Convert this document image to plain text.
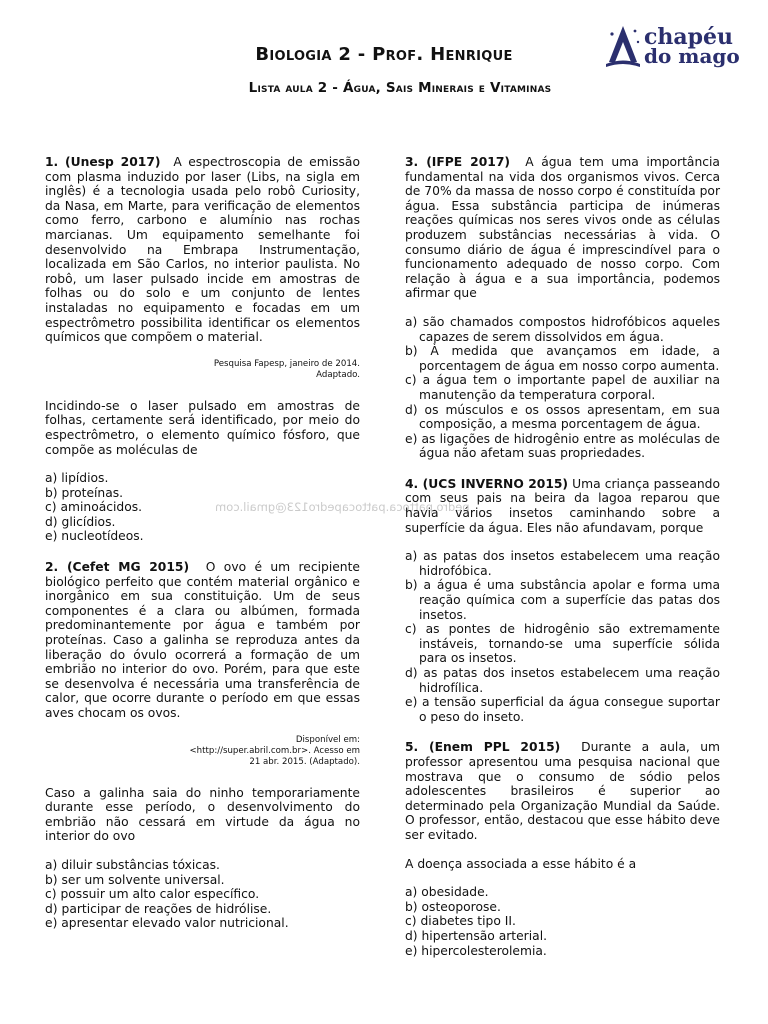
Biologia 2 - Prof. Henrique
Lista aula 2 - Água, Sais Minerais e Vitaminas
chapéu
do mago
pedro.pattoca.pattocapedro123@gmail.com

1. (Unesp 2017) A espectroscopia de emissão com plasma induzido por laser (Libs, na sigla em inglês) é a tecnologia usada pelo robô Curiosity, da Nasa, em Marte, para verificação de elementos como ferro, carbono e alumínio nas rochas marcianas. Um equipamento semelhante foi desenvolvido na Embrapa Instrumentação, localizada em São Carlos, no interior paulista. No robô, um laser pulsado incide em amostras de folhas ou do solo e um conjunto de lentes instaladas no equipamento e focadas em um espectrômetro possibilita identificar os elementos químicos que compõem o material.

Pesquisa Fapesp, janeiro de 2014. Adaptado.

Incidindo-se o laser pulsado em amostras de folhas, certamente será identificado, por meio do espectrômetro, o elemento químico fósforo, que compõe as moléculas de

a) lipídios.
b) proteínas.
c) aminoácidos.
d) glicídios.
e) nucleotídeos.

2. (Cefet MG 2015) O ovo é um recipiente biológico perfeito que contém material orgânico e inorgânico em sua constituição. Um de seus componentes é a clara ou albúmen, formada predominantemente por água e também por proteínas. Caso a galinha se reproduza antes da liberação do óvulo ocorrerá a formação de um embrião no interior do ovo. Porém, para que este se desenvolva é necessária uma transferência de calor, que ocorre durante o período em que essas aves chocam os ovos.

Disponível em: <http://super.abril.com.br>. Acesso em 21 abr. 2015. (Adaptado).

Caso a galinha saia do ninho temporariamente durante esse período, o desenvolvimento do embrião não cessará em virtude da água no interior do ovo

a) diluir substâncias tóxicas.
b) ser um solvente universal.
c) possuir um alto calor específico.
d) participar de reações de hidrólise.
e) apresentar elevado valor nutricional.

3. (IFPE 2017) A água tem uma importância fundamental na vida dos organismos vivos. Cerca de 70% da massa de nosso corpo é constituída por água. Essa substância participa de inúmeras reações químicas nos seres vivos onde as células produzem substâncias necessárias à vida. O consumo diário de água é imprescindível para o funcionamento adequado de nosso corpo. Com relação à água e a sua importância, podemos afirmar que

a) são chamados compostos hidrofóbicos aqueles capazes de serem dissolvidos em água.
b) À medida que avançamos em idade, a porcentagem de água em nosso corpo aumenta.
c) a água tem o importante papel de auxiliar na manutenção da temperatura corporal.
d) os músculos e os ossos apresentam, em sua composição, a mesma porcentagem de água.
e) as ligações de hidrogênio entre as moléculas de água não afetam suas propriedades.

4. (UCS INVERNO 2015) Uma criança passeando com seus pais na beira da lagoa reparou que havia vários insetos caminhando sobre a superfície da água. Eles não afundavam, porque

a) as patas dos insetos estabelecem uma reação hidrofóbica.
b) a água é uma substância apolar e forma uma reação química com a superfície das patas dos insetos.
c) as pontes de hidrogênio são extremamente instáveis, tornando-se uma superfície sólida para os insetos.
d) as patas dos insetos estabelecem uma reação hidrofílica.
e) a tensão superficial da água consegue suportar o peso do inseto.

5. (Enem PPL 2015) Durante a aula, um professor apresentou uma pesquisa nacional que mostrava que o consumo de sódio pelos adolescentes brasileiros é superior ao determinado pela Organização Mundial da Saúde. O professor, então, destacou que esse hábito deve ser evitado.

A doença associada a esse hábito é a

a) obesidade.
b) osteoporose.
c) diabetes tipo II.
d) hipertensão arterial.
e) hipercolesterolemia.
